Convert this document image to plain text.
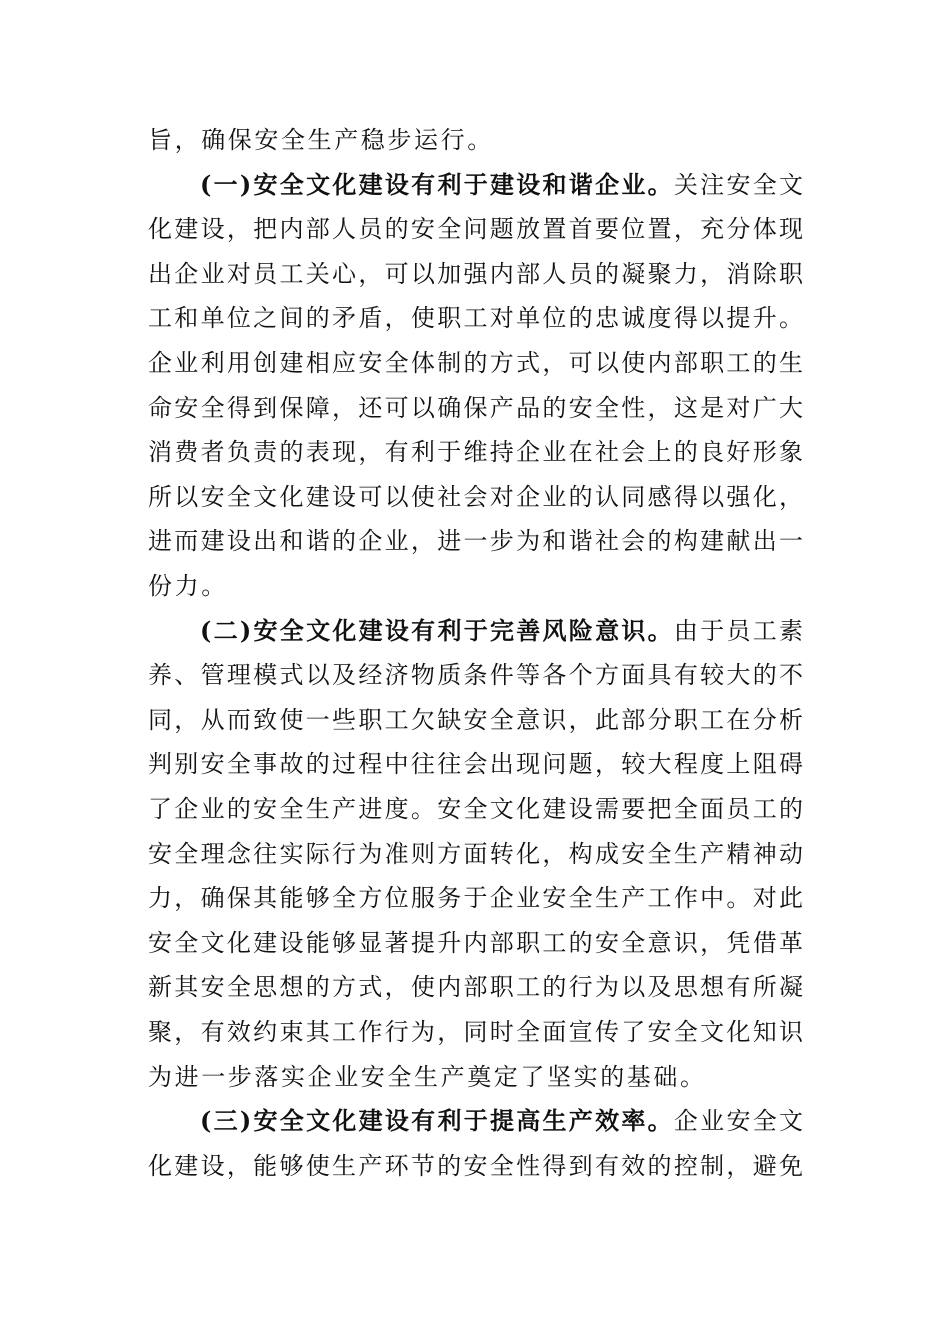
旨，确保安全生产稳步运行。
(一)安全文化建设有利于建设和谐企业。关注安全文
化建设，把内部人员的安全问题放置首要位置，充分体现
出企业对员工关心，可以加强内部人员的凝聚力，消除职
工和单位之间的矛盾，使职工对单位的忠诚度得以提升。
企业利用创建相应安全体制的方式，可以使内部职工的生
命安全得到保障，还可以确保产品的安全性，这是对广大
消费者负责的表现，有利于维持企业在社会上的良好形象
所以安全文化建设可以使社会对企业的认同感得以强化，
进而建设出和谐的企业，进一步为和谐社会的构建献出一
份力。
(二)安全文化建设有利于完善风险意识。由于员工素
养、管理模式以及经济物质条件等各个方面具有较大的不
同，从而致使一些职工欠缺安全意识，此部分职工在分析
判别安全事故的过程中往往会出现问题，较大程度上阻碍
了企业的安全生产进度。安全文化建设需要把全面员工的
安全理念往实际行为准则方面转化，构成安全生产精神动
力，确保其能够全方位服务于企业安全生产工作中。对此
安全文化建设能够显著提升内部职工的安全意识，凭借革
新其安全思想的方式，使内部职工的行为以及思想有所凝
聚，有效约束其工作行为，同时全面宣传了安全文化知识
为进一步落实企业安全生产奠定了坚实的基础。
(三)安全文化建设有利于提高生产效率。企业安全文
化建设，能够使生产环节的安全性得到有效的控制，避免
